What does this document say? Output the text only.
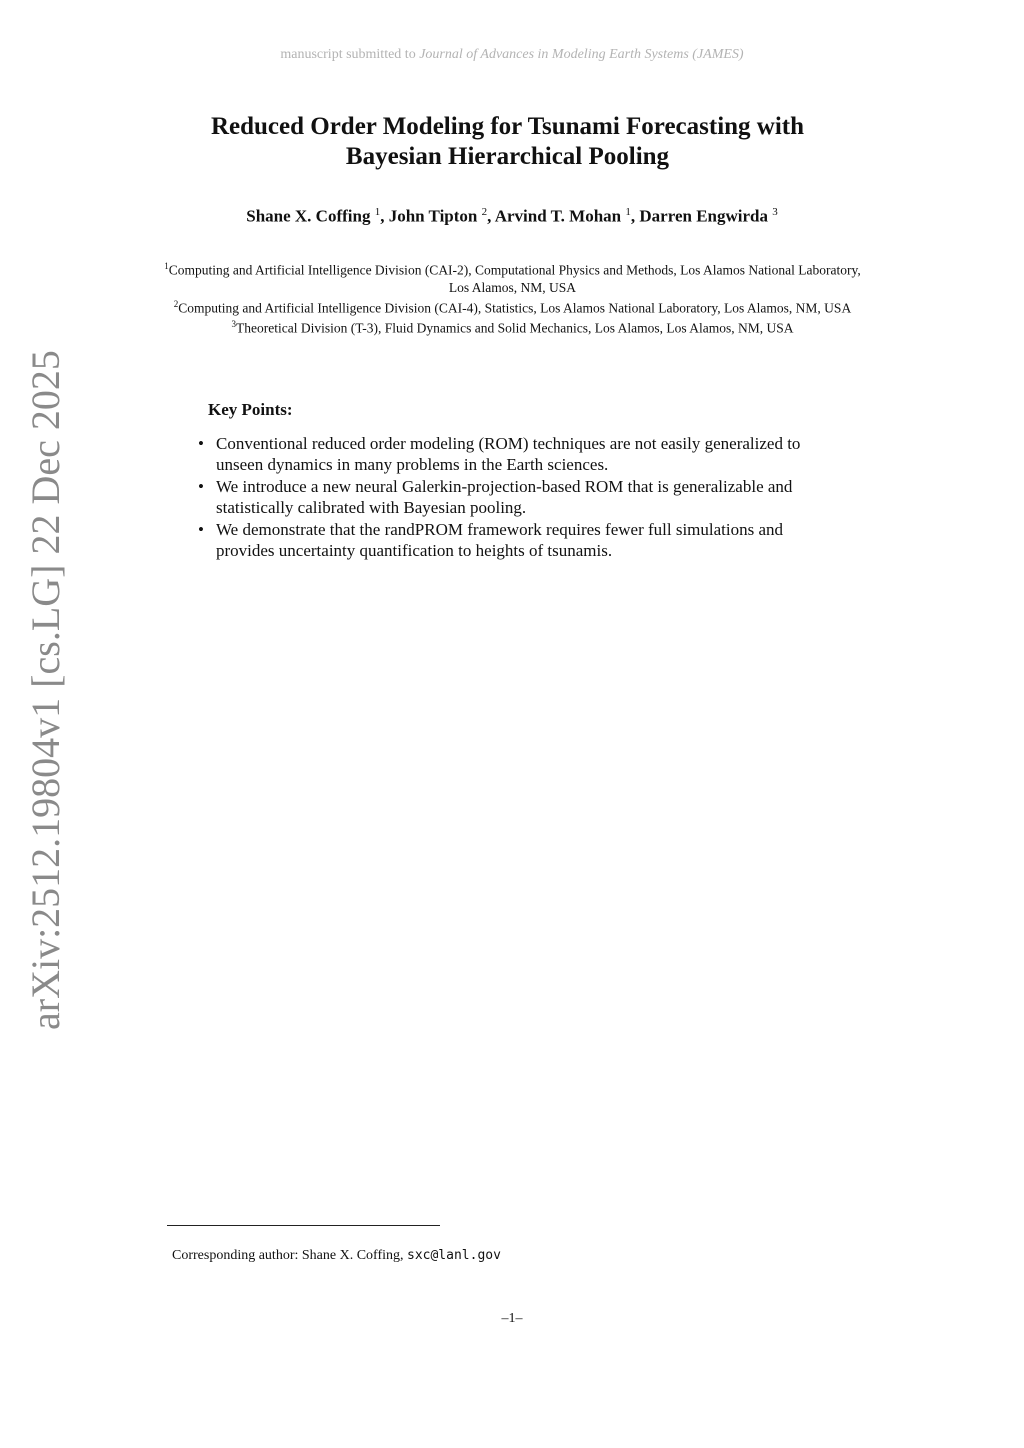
manuscript submitted to Journal of Advances in Modeling Earth Systems (JAMES)
arXiv:2512.19804v1 [cs.LG] 22 Dec 2025
Reduced Order Modeling for Tsunami Forecasting with
Bayesian Hierarchical Pooling
Shane X. Coffing $^1$, John Tipton $^2$, Arvind T. Mohan $^1$, Darren Engwirda $^3$
$^1$Computing and Artificial Intelligence Division (CAI-2), Computational Physics and Methods, Los Alamos National Laboratory, Los Alamos, NM, USA
$^2$Computing and Artificial Intelligence Division (CAI-4), Statistics, Los Alamos National Laboratory, Los Alamos, NM, USA
$^3$Theoretical Division (T-3), Fluid Dynamics and Solid Mechanics, Los Alamos, Los Alamos, NM, USA
Key Points:
• Conventional reduced order modeling (ROM) techniques are not easily generalized to unseen dynamics in many problems in the Earth sciences.
• We introduce a new neural Galerkin-projection-based ROM that is generalizable and statistically calibrated with Bayesian pooling.
• We demonstrate that the randPROM framework requires fewer full simulations and provides uncertainty quantification to heights of tsunamis.
Corresponding author: Shane X. Coffing, sxc@lanl.gov
–1–
